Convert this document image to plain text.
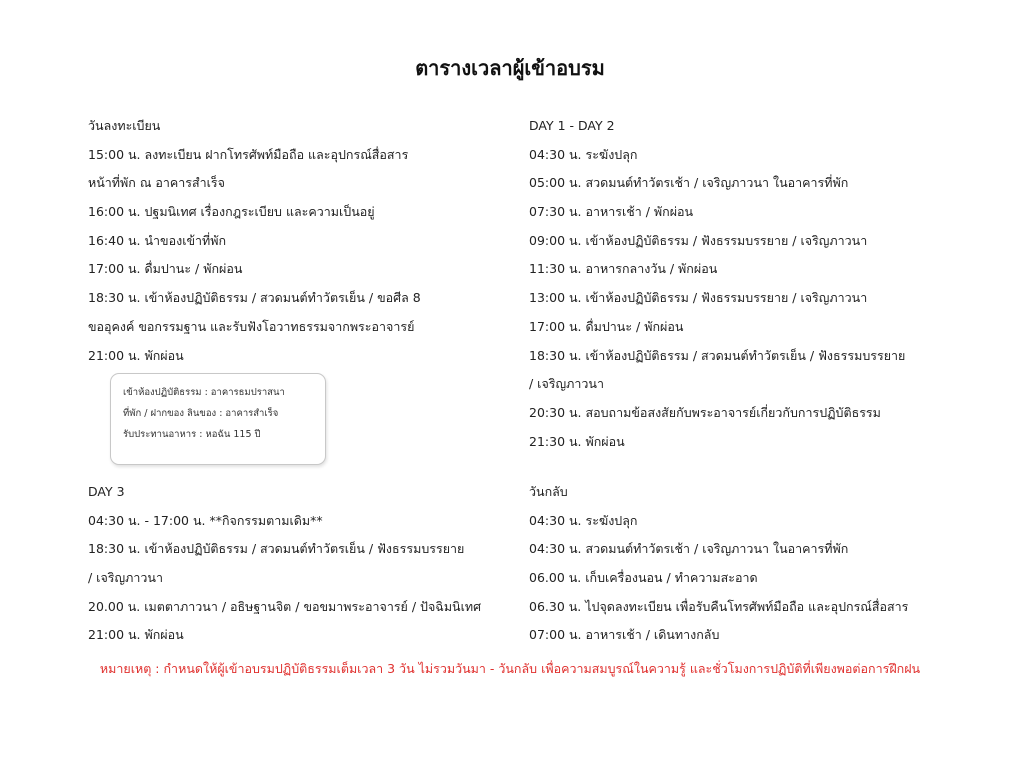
ตารางเวลาผู้เข้าอบรม
วันลงทะเบียน
15:00 น. ลงทะเบียน ฝากโทรศัพท์มือถือ และอุปกรณ์สื่อสาร
หน้าที่พัก ณ อาคารสำเร็จ
16:00 น. ปฐมนิเทศ เรื่องกฎระเบียบ และความเป็นอยู่
16:40 น. นำของเข้าที่พัก
17:00 น. ดื่มปานะ / พักผ่อน
18:30 น. เข้าห้องปฏิบัติธรรม / สวดมนต์ทำวัตรเย็น / ขอศีล 8
ขออุคงค์ ขอกรรมฐาน และรับฟังโอวาทธรรมจากพระอาจารย์
21:00 น. พักผ่อน
เข้าห้องปฏิบัติธรรม : อาคารธมปราสนา
ที่พัก / ฝากของ ลินของ : อาคารสำเร็จ
รับประทานอาหาร : หอฉัน 115 ปี
DAY 1 - DAY 2
04:30 น. ระฆังปลุก
05:00 น. สวดมนต์ทำวัตรเช้า / เจริญภาวนา ในอาคารที่พัก
07:30 น. อาหารเช้า / พักผ่อน
09:00 น. เข้าห้องปฏิบัติธรรม / ฟังธรรมบรรยาย / เจริญภาวนา
11:30 น. อาหารกลางวัน / พักผ่อน
13:00 น. เข้าห้องปฏิบัติธรรม / ฟังธรรมบรรยาย / เจริญภาวนา
17:00 น. ดื่มปานะ / พักผ่อน
18:30 น. เข้าห้องปฏิบัติธรรม / สวดมนต์ทำวัตรเย็น / ฟังธรรมบรรยาย
/ เจริญภาวนา
20:30 น. สอบถามข้อสงสัยกับพระอาจารย์เกี่ยวกับการปฏิบัติธรรม
21:30 น. พักผ่อน
DAY 3
04:30 น. - 17:00 น. **กิจกรรมตามเดิม**
18:30 น. เข้าห้องปฏิบัติธรรม / สวดมนต์ทำวัตรเย็น / ฟังธรรมบรรยาย
/ เจริญภาวนา
20.00 น. เมตตาภาวนา / อธิษฐานจิต / ขอขมาพระอาจารย์ / ปัจฉิมนิเทศ
21:00 น. พักผ่อน
วันกลับ
04:30 น. ระฆังปลุก
04:30 น. สวดมนต์ทำวัตรเช้า / เจริญภาวนา ในอาคารที่พัก
06.00 น. เก็บเครื่องนอน / ทำความสะอาด
06.30 น. ไปจุดลงทะเบียน เพื่อรับคืนโทรศัพท์มือถือ และอุปกรณ์สื่อสาร
07:00 น. อาหารเช้า / เดินทางกลับ
หมายเหตุ : กำหนดให้ผู้เข้าอบรมปฏิบัติธรรมเต็มเวลา 3 วัน ไม่รวมวันมา - วันกลับ เพื่อความสมบูรณ์ในความรู้ และชั่วโมงการปฏิบัติที่เพียงพอต่อการฝึกฝน
